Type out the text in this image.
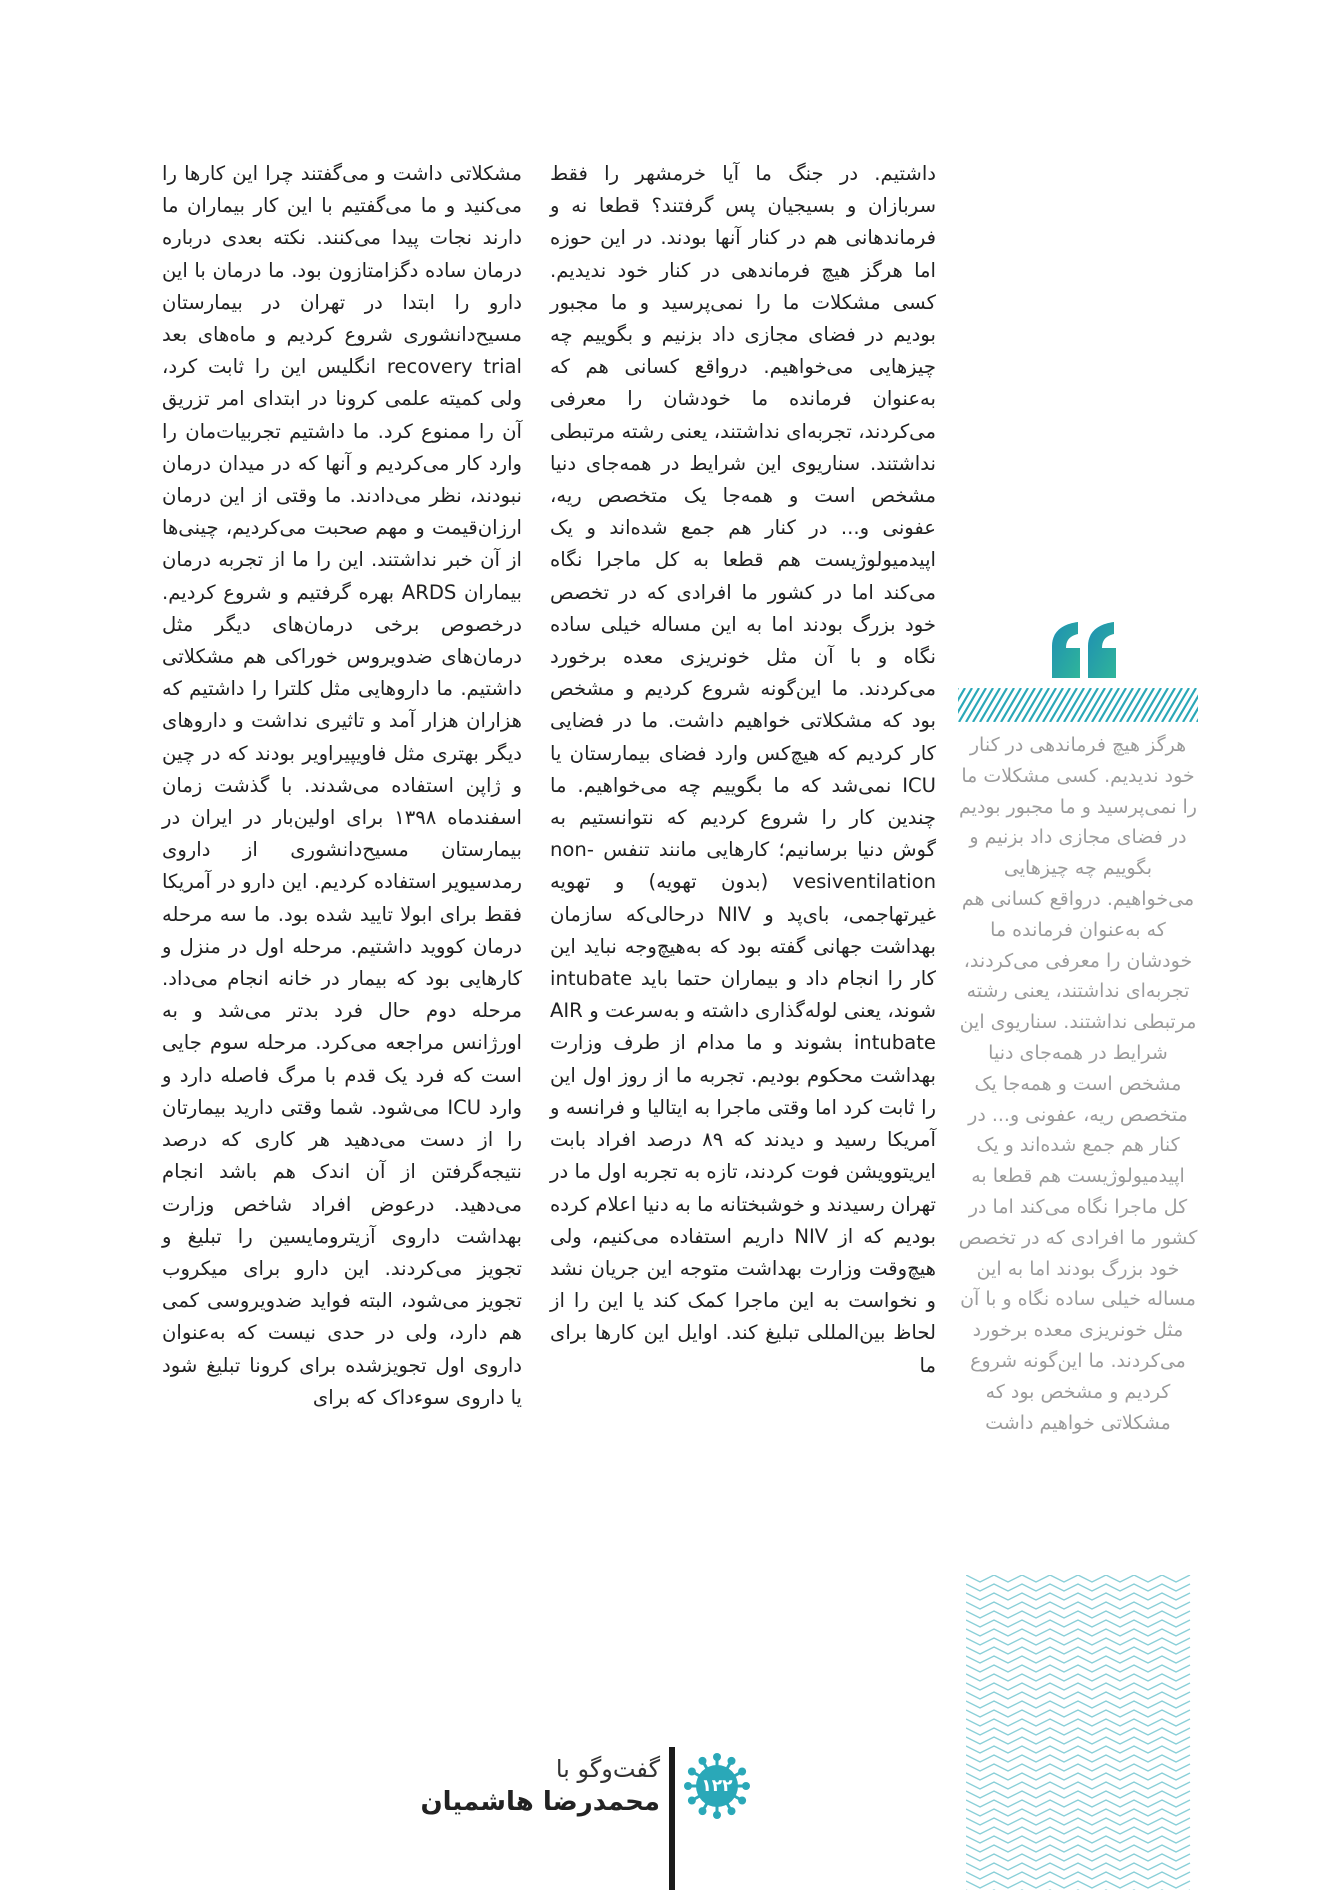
داشتیم. در جنگ ما آیا خرمشهر را فقط سربازان و بسیجیان پس گرفتند؟ قطعا نه و فرماندهانی هم در کنار آنها بودند. در این حوزه اما هرگز هیچ فرماندهی در کنار خود ندیدیم. کسی مشکلات ما را نمی‌پرسید و ما مجبور بودیم در فضای مجازی داد بزنیم و بگوییم چه چیزهایی می‌خواهیم. درواقع کسانی هم که به‌عنوان فرمانده ما خودشان را معرفی می‌کردند، تجربه‌ای نداشتند، یعنی رشته مرتبطی نداشتند. سناریوی این شرایط در همه‌جای دنیا مشخص است و همه‌جا یک متخصص ریه، عفونی و... در کنار هم جمع شده‌اند و یک اپیدمیولوژیست هم قطعا به کل ماجرا نگاه می‌کند اما در کشور ما افرادی که در تخصص خود بزرگ بودند اما به این مساله خیلی ساده نگاه و با آن مثل خونریزی معده برخورد می‌کردند. ما این‌گونه شروع کردیم و مشخص بود که مشکلاتی خواهیم داشت. ما در فضایی کار کردیم که هیچ‌کس وارد فضای بیمارستان یا ICU نمی‌شد که ما بگوییم چه می‌خواهیم. ما چندین کار را شروع کردیم که نتوانستیم به گوش دنیا برسانیم؛ کارهایی مانند تنفس non-vesiventilation (بدون تهویه) و تهویه غیرتهاجمی، بای‌پد و NIV درحالی‌که سازمان بهداشت جهانی گفته بود که به‌هیچ‌وجه نباید این کار را انجام داد و بیماران حتما باید intubate شوند، یعنی لوله‌گذاری داشته و به‌سرعت و AIR intubate بشوند و ما مدام از طرف وزارت بهداشت محکوم بودیم. تجربه ما از روز اول این را ثابت کرد اما وقتی ماجرا به ایتالیا و فرانسه و آمریکا رسید و دیدند که ۸۹ درصد افراد بابت ایریتوویشن فوت کردند، تازه به تجربه اول ما در تهران رسیدند و خوشبختانه ما به دنیا اعلام کرده بودیم که از NIV داریم استفاده می‌کنیم، ولی هیچ‌وقت وزارت بهداشت متوجه این جریان نشد و نخواست به این ماجرا کمک کند یا این را از لحاظ بین‌المللی تبلیغ کند. اوایل این کارها برای ما

مشکلاتی داشت و می‌گفتند چرا این کارها را می‌کنید و ما می‌گفتیم با این کار بیماران ما دارند نجات پیدا می‌کنند. نکته بعدی درباره درمان ساده دگزامتازون بود. ما درمان با این دارو را ابتدا در تهران در بیمارستان مسیح‌دانشوری شروع کردیم و ماه‌های بعد recovery trial انگلیس این را ثابت کرد، ولی کمیته علمی کرونا در ابتدای امر تزریق آن را ممنوع کرد. ما داشتیم تجربیات‌مان را وارد کار می‌کردیم و آنها که در میدان درمان نبودند، نظر می‌دادند. ما وقتی از این درمان ارزان‌قیمت و مهم صحبت می‌کردیم، چینی‌ها از آن خبر نداشتند. این را ما از تجربه درمان بیماران ARDS بهره گرفتیم و شروع کردیم. درخصوص برخی درمان‌های دیگر مثل درمان‌های ضدویروس خوراکی هم مشکلاتی داشتیم. ما داروهایی مثل کلترا را داشتیم که هزاران هزار آمد و تاثیری نداشت و داروهای دیگر بهتری مثل فاویپیراویر بودند که در چین و ژاپن استفاده می‌شدند. با گذشت زمان اسفندماه ۱۳۹۸ برای اولین‌بار در ایران در بیمارستان مسیح‌دانشوری از داروی رمدسیویر استفاده کردیم. این دارو در آمریکا فقط برای ابولا تایید شده بود. ما سه مرحله درمان کووید داشتیم. مرحله اول در منزل و کارهایی بود که بیمار در خانه انجام می‌داد. مرحله دوم حال فرد بدتر می‌شد و به اورژانس مراجعه می‌کرد. مرحله سوم جایی است که فرد یک قدم با مرگ فاصله دارد و وارد ICU می‌شود. شما وقتی دارید بیمارتان را از دست می‌دهید هر کاری که درصد نتیجه‌گرفتن از آن اندک هم باشد انجام می‌دهید. درعوض افراد شاخص وزارت بهداشت داروی آزیترومایسین را تبلیغ و تجویز می‌کردند. این دارو برای میکروب تجویز می‌شود، البته فواید ضدویروسی کمی هم دارد، ولی در حدی نیست که به‌عنوان داروی اول تجویزشده برای کرونا تبلیغ شود یا داروی سوءداک که برای

هرگز هیچ فرماندهی در کنار خود ندیدیم. کسی مشکلات ما را نمی‌پرسید و ما مجبور بودیم در فضای مجازی داد بزنیم و بگوییم چه چیزهایی می‌خواهیم. درواقع کسانی هم که به‌عنوان فرمانده ما خودشان را معرفی می‌کردند، تجربه‌ای نداشتند، یعنی رشته مرتبطی نداشتند. سناریوی این شرایط در همه‌جای دنیا مشخص است و همه‌جا یک متخصص ریه، عفونی و... در کنار هم جمع شده‌اند و یک اپیدمیولوژیست هم قطعا به کل ماجرا نگاه می‌کند اما در کشور ما افرادی که در تخصص خود بزرگ بودند اما به این مساله خیلی ساده نگاه و با آن مثل خونریزی معده برخورد می‌کردند. ما این‌گونه شروع کردیم و مشخص بود که مشکلاتی خواهیم داشت
۱۲۲
گفت‌وگو با
محمدرضا هاشمیان
